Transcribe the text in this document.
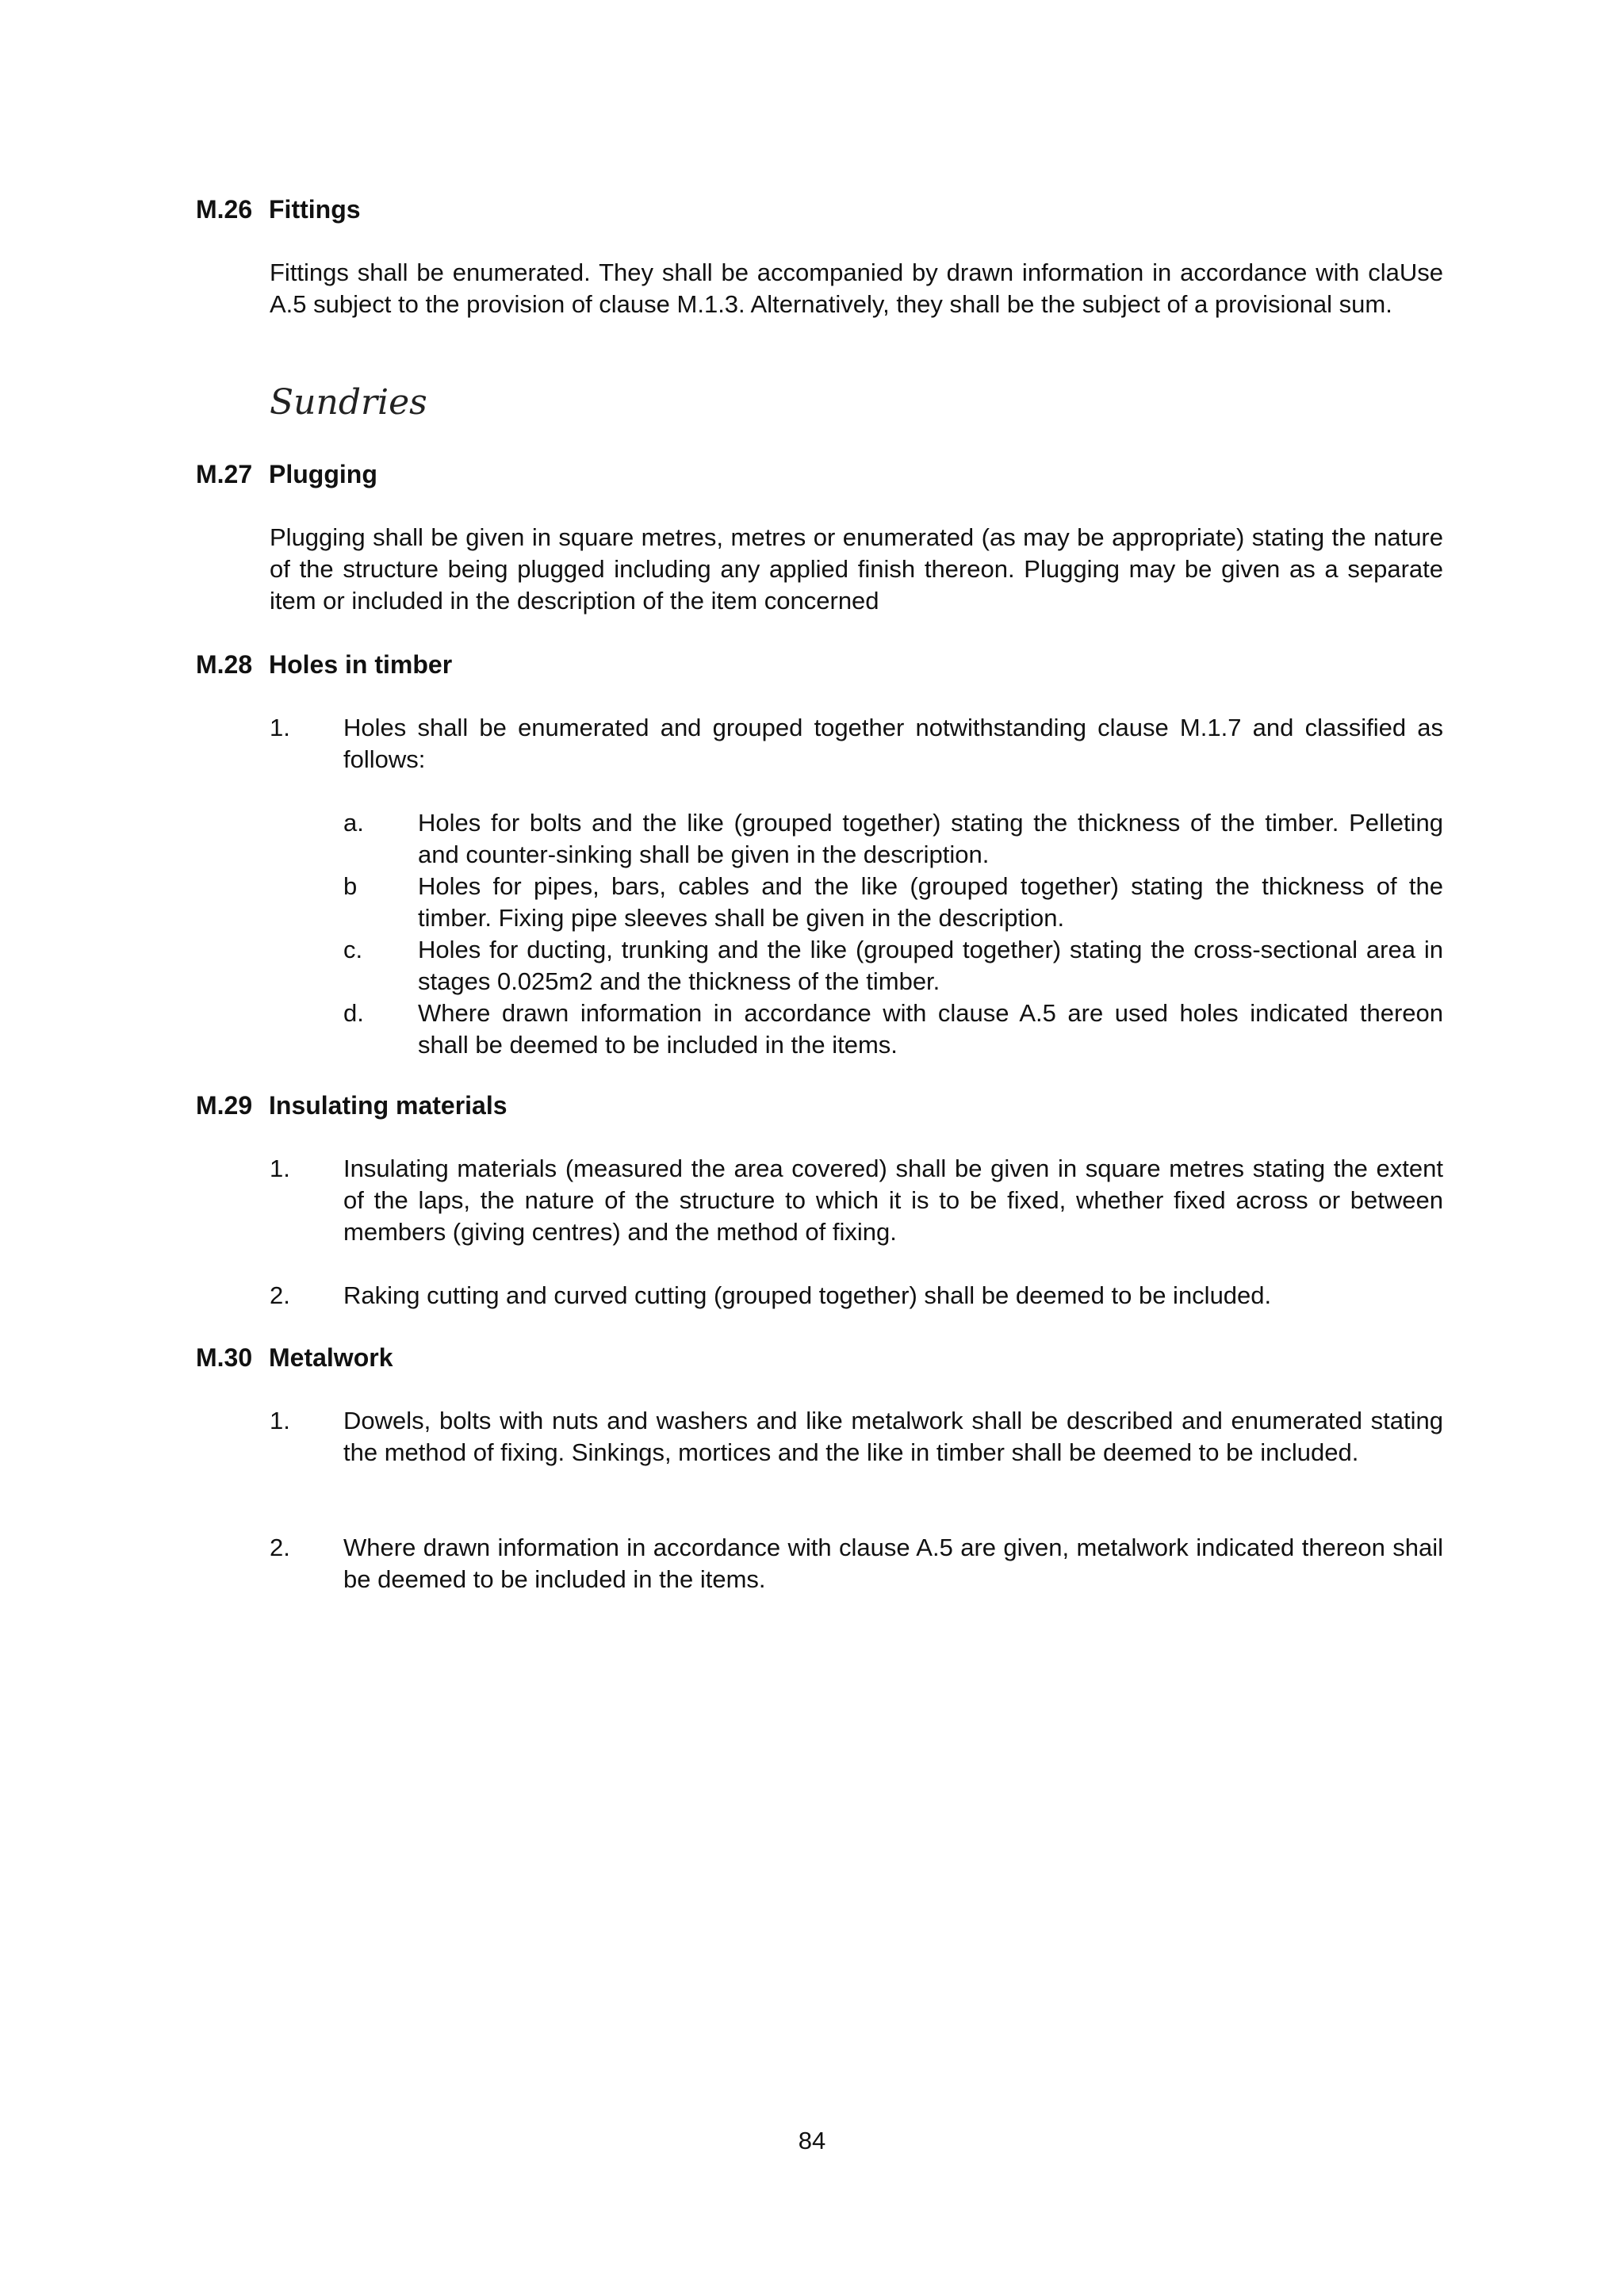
M.26 Fittings
Fittings shall be enumerated. They shall be accompanied by drawn information in accordance with claUse A.5 subject to the provision of clause M.1.3. Alternatively, they shall be the subject of a provisional sum.
Sundries
M.27 Plugging
Plugging shall be given in square metres, metres or enumerated (as may be appropriate) stating the nature of the structure being plugged including any applied finish thereon. Plugging may be given as a separate item or included in the description of the item concerned
M.28 Holes in timber
1. Holes shall be enumerated and grouped together notwithstanding clause M.1.7 and classified as follows:
a. Holes for bolts and the like (grouped together) stating the thickness of the timber. Pelleting and counter-sinking shall be given in the description.
b Holes for pipes, bars, cables and the like (grouped together) stating the thickness of the timber. Fixing pipe sleeves shall be given in the description.
c. Holes for ducting, trunking and the like (grouped together) stating the cross-sectional area in stages 0.025m2 and the thickness of the timber.
d. Where drawn information in accordance with clause A.5 are used holes indicated thereon shall be deemed to be included in the items.
M.29 Insulating materials
1. Insulating materials (measured the area covered) shall be given in square metres stating the extent of the laps, the nature of the structure to which it is to be fixed, whether fixed across or between members (giving centres) and the method of fixing.
2. Raking cutting and curved cutting (grouped together) shall be deemed to be included.
M.30 Metalwork
1. Dowels, bolts with nuts and washers and like metalwork shall be described and enumerated stating the method of fixing. Sinkings, mortices and the like in timber shall be deemed to be included.
2. Where drawn information in accordance with clause A.5 are given, metalwork indicated thereon shail be deemed to be included in the items.
84
